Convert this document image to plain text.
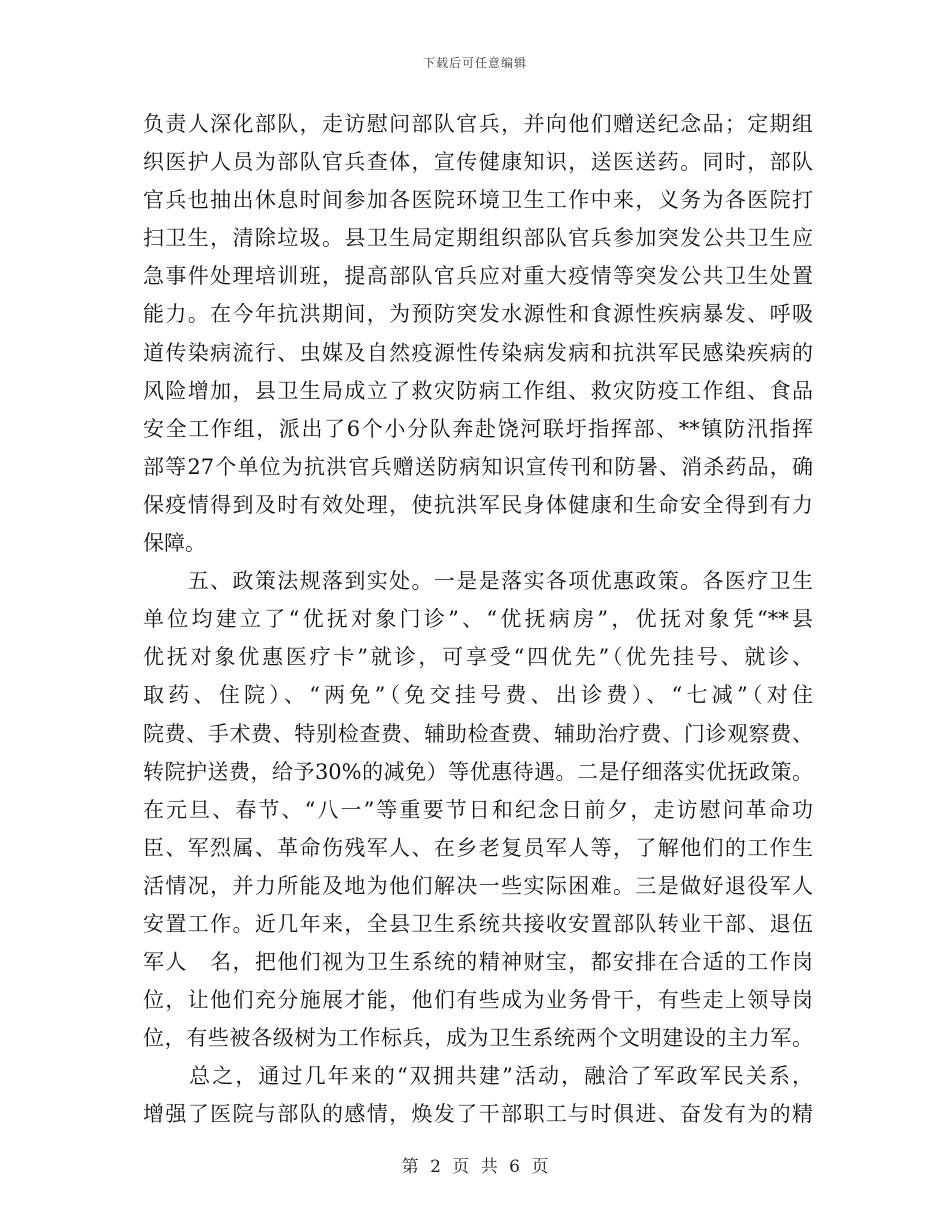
下载后可任意编辑
负责人深化部队，走访慰问部队官兵，并向他们赠送纪念品；定期组
织医护人员为部队官兵查体，宣传健康知识，送医送药。同时，部队
官兵也抽出休息时间参加各医院环境卫生工作中来，义务为各医院打
扫卫生，清除垃圾。县卫生局定期组织部队官兵参加突发公共卫生应
急事件处理培训班，提高部队官兵应对重大疫情等突发公共卫生处置
能力。在今年抗洪期间，为预防突发水源性和食源性疾病暴发、呼吸
道传染病流行、虫媒及自然疫源性传染病发病和抗洪军民感染疾病的
风险增加，县卫生局成立了救灾防病工作组、救灾防疫工作组、食品
安全工作组，派出了6个小分队奔赴饶河联圩指挥部、**镇防汛指挥
部等27个单位为抗洪官兵赠送防病知识宣传刊和防暑、消杀药品，确
保疫情得到及时有效处理，使抗洪军民身体健康和生命安全得到有力
保障。
　　五、政策法规落到实处。一是是落实各项优惠政策。各医疗卫生
单位均建立了“优抚对象门诊”、“优抚病房”，优抚对象凭“**县
优抚对象优惠医疗卡”就诊，可享受“四优先”（优先挂号、就诊、
取药、住院）、“两免”（免交挂号费、出诊费）、“七减”（对住
院费、手术费、特别检查费、辅助检查费、辅助治疗费、门诊观察费、
转院护送费，给予30%的减免）等优惠待遇。二是仔细落实优抚政策。
在元旦、春节、“八一”等重要节日和纪念日前夕，走访慰问革命功
臣、军烈属、革命伤残军人、在乡老复员军人等，了解他们的工作生
活情况，并力所能及地为他们解决一些实际困难。三是做好退役军人
安置工作。近几年来，全县卫生系统共接收安置部队转业干部、退伍
军人　名，把他们视为卫生系统的精神财宝，都安排在合适的工作岗
位，让他们充分施展才能，他们有些成为业务骨干，有些走上领导岗
位，有些被各级树为工作标兵，成为卫生系统两个文明建设的主力军。
　　总之，通过几年来的“双拥共建”活动，融洽了军政军民关系，
增强了医院与部队的感情，焕发了干部职工与时俱进、奋发有为的精
第 2 页 共 6 页
